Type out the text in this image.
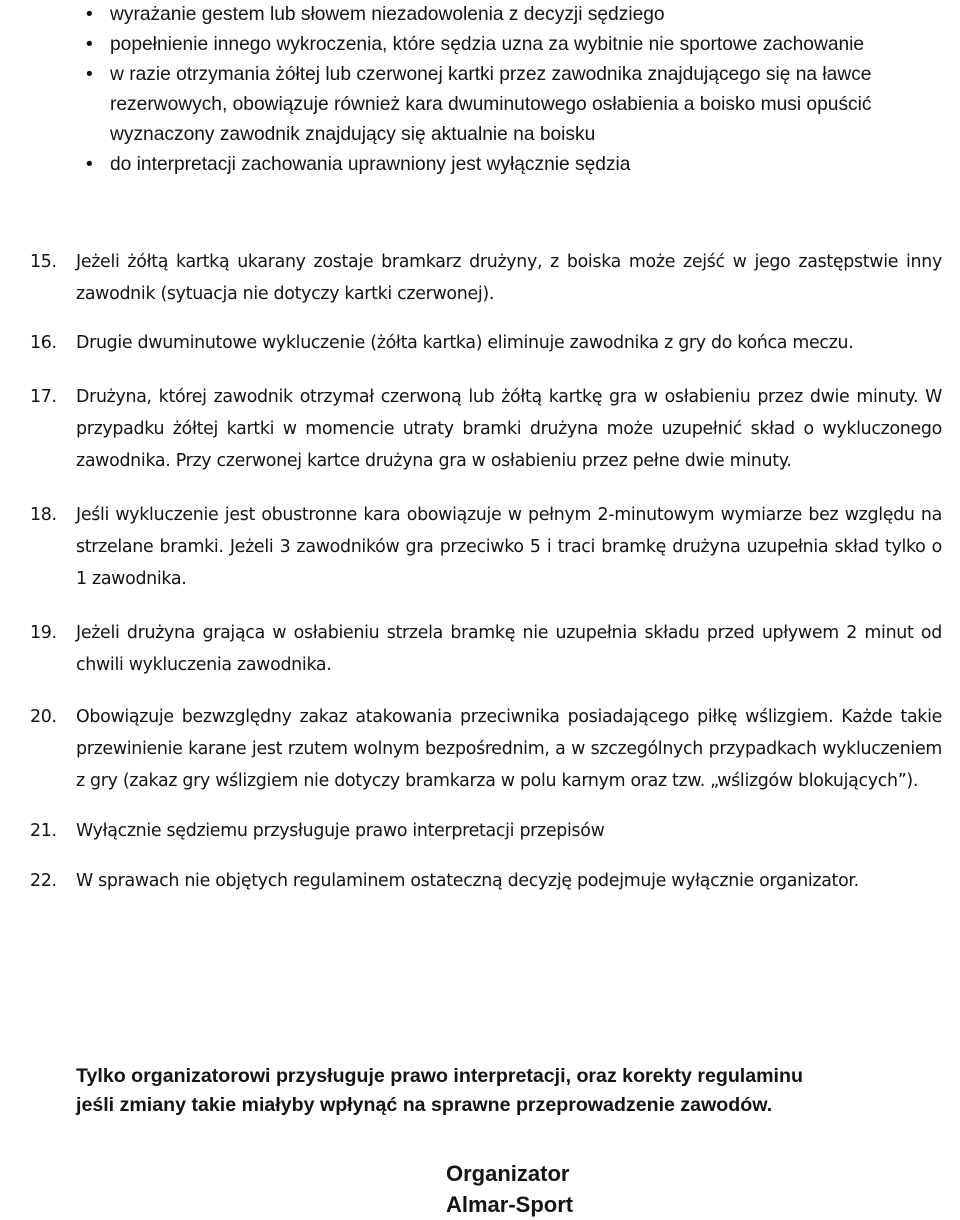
• wyrażanie gestem lub słowem niezadowolenia z decyzji sędziego
• popełnienie innego wykroczenia, które sędzia uzna za wybitnie nie sportowe zachowanie
• w razie otrzymania żółtej lub czerwonej kartki przez zawodnika znajdującego się na ławce rezerwowych, obowiązuje również kara dwuminutowego osłabienia a boisko musi opuścić wyznaczony zawodnik znajdujący się aktualnie na boisku
• do interpretacji zachowania uprawniony jest wyłącznie sędzia

15.	Jeżeli żółtą kartką ukarany zostaje bramkarz drużyny, z boiska może zejść w jego zastępstwie inny zawodnik (sytuacja nie dotyczy kartki czerwonej).

16.	Drugie dwuminutowe wykluczenie (żółta kartka) eliminuje zawodnika z gry do końca meczu.

17.	Drużyna, której zawodnik otrzymał czerwoną lub żółtą kartkę gra w osłabieniu przez dwie minuty. W przypadku żółtej kartki w momencie utraty bramki drużyna może uzupełnić skład o wykluczonego zawodnika. Przy czerwonej kartce drużyna gra w osłabieniu przez pełne dwie minuty.

18.	Jeśli wykluczenie jest obustronne kara obowiązuje w pełnym 2-minutowym wymiarze bez względu na strzelane bramki. Jeżeli 3 zawodników gra przeciwko 5 i traci bramkę drużyna uzupełnia skład tylko o 1 zawodnika.

19.	Jeżeli drużyna grająca w osłabieniu strzela bramkę nie uzupełnia składu przed upływem 2 minut od chwili wykluczenia zawodnika.

20.	Obowiązuje bezwzględny zakaz atakowania przeciwnika posiadającego piłkę wślizgiem. Każde takie przewinienie karane jest rzutem wolnym bezpośrednim, a w szczególnych przypadkach wykluczeniem z gry (zakaz gry wślizgiem nie dotyczy bramkarza w polu karnym oraz tzw. „wślizgów blokujących”).

21.	Wyłącznie sędziemu przysługuje prawo interpretacji przepisów

22.	W sprawach nie objętych regulaminem ostateczną decyzję podejmuje wyłącznie organizator.

Tylko organizatorowi przysługuje prawo interpretacji, oraz korekty regulaminu
jeśli zmiany takie miałyby wpłynąć na sprawne przeprowadzenie zawodów.
Organizator
Almar-Sport
